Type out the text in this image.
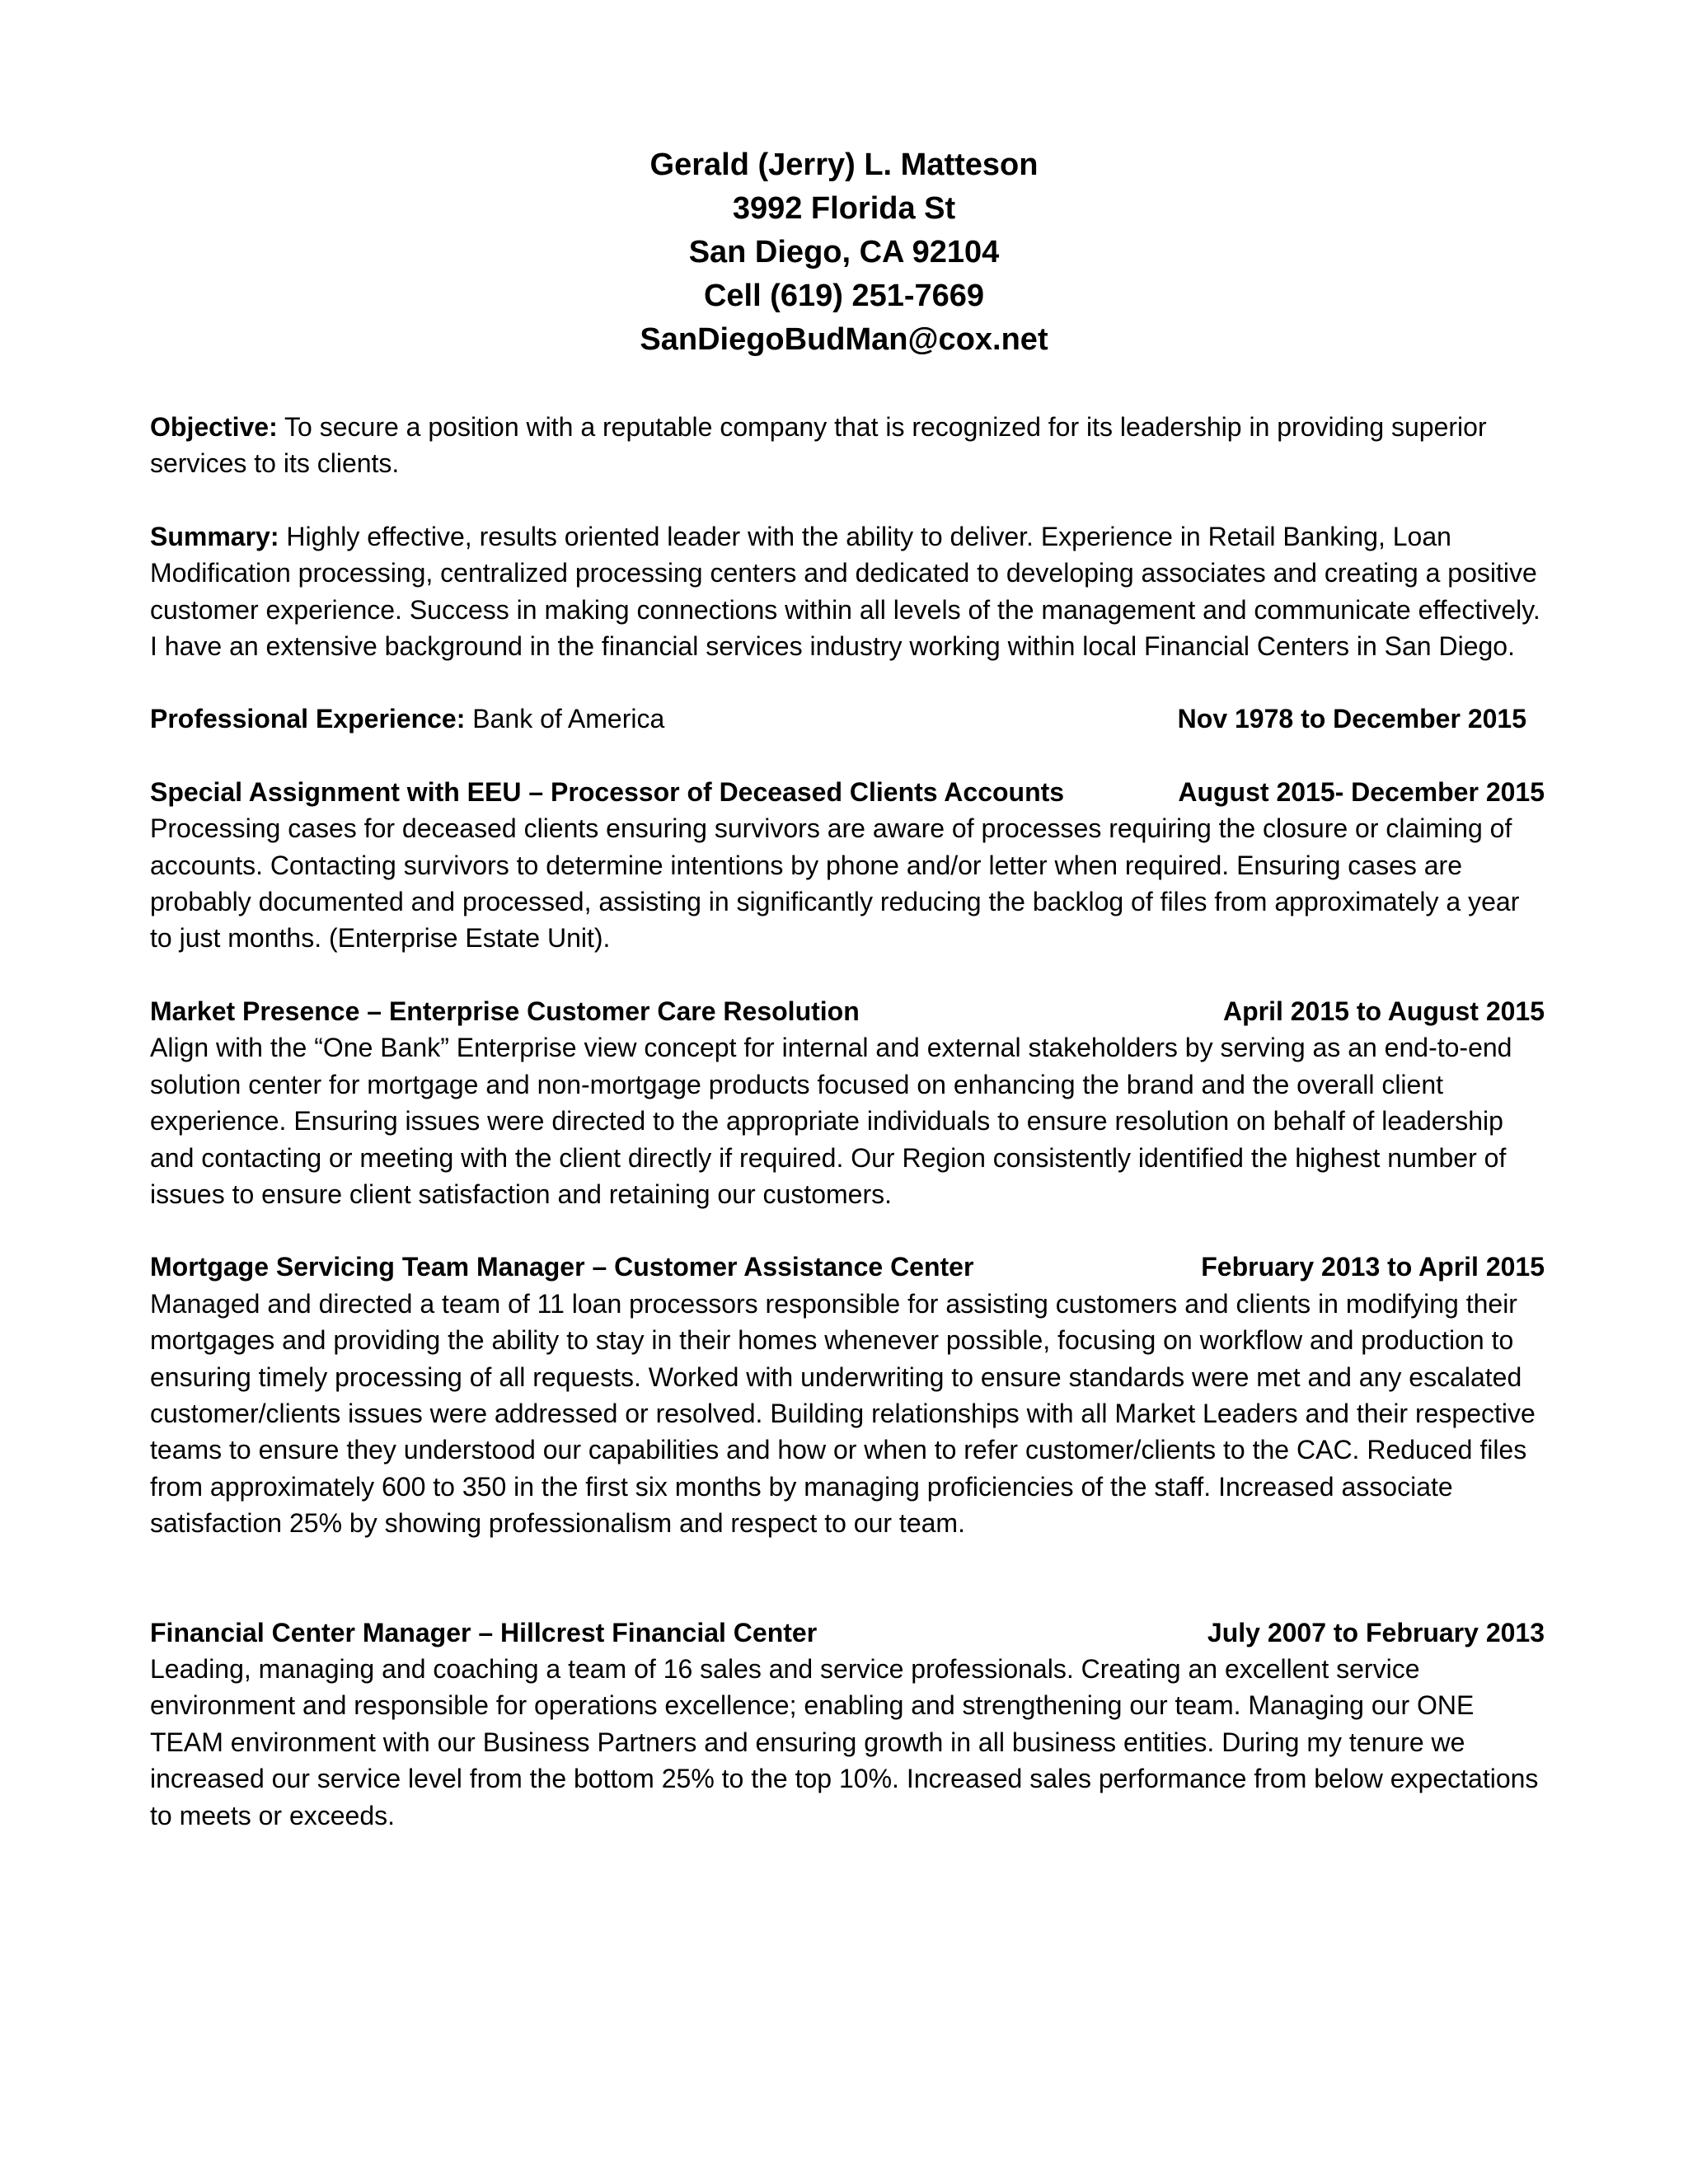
Gerald (Jerry) L. Matteson
3992 Florida St
San Diego, CA 92104
Cell (619) 251-7669
SanDiegoBudMan@cox.net

Objective: To secure a position with a reputable company that is recognized for its leadership in providing superior services to its clients.

Summary: Highly effective, results oriented leader with the ability to deliver. Experience in Retail Banking, Loan Modification processing, centralized processing centers and dedicated to developing associates and creating a positive customer experience. Success in making connections within all levels of the management and communicate effectively. I have an extensive background in the financial services industry working within local Financial Centers in San Diego.

Professional Experience: Bank of America	Nov 1978 to December 2015
Special Assignment with EEU – Processor of Deceased Clients Accounts	August 2015- December 2015
Processing cases for deceased clients ensuring survivors are aware of processes requiring the closure or claiming of accounts. Contacting survivors to determine intentions by phone and/or letter when required. Ensuring cases are probably documented and processed, assisting in significantly reducing the backlog of files from approximately a year to just months. (Enterprise Estate Unit).
Market Presence – Enterprise Customer Care Resolution	April 2015 to August 2015
Align with the “One Bank” Enterprise view concept for internal and external stakeholders by serving as an end-to-end solution center for mortgage and non-mortgage products focused on enhancing the brand and the overall client experience. Ensuring issues were directed to the appropriate individuals to ensure resolution on behalf of leadership and contacting or meeting with the client directly if required. Our Region consistently identified the highest number of issues to ensure client satisfaction and retaining our customers.
Mortgage Servicing Team Manager – Customer Assistance Center	February 2013 to April 2015
Managed and directed a team of 11 loan processors responsible for assisting customers and clients in modifying their mortgages and providing the ability to stay in their homes whenever possible, focusing on workflow and production to ensuring timely processing of all requests. Worked with underwriting to ensure standards were met and any escalated customer/clients issues were addressed or resolved. Building relationships with all Market Leaders and their respective teams to ensure they understood our capabilities and how or when to refer customer/clients to the CAC. Reduced files from approximately 600 to 350 in the first six months by managing proficiencies of the staff. Increased associate satisfaction 25% by showing professionalism and respect to our team.
Financial Center Manager – Hillcrest Financial Center	July 2007 to February 2013
Leading, managing and coaching a team of 16 sales and service professionals. Creating an excellent service environment and responsible for operations excellence; enabling and strengthening our team. Managing our ONE TEAM environment with our Business Partners and ensuring growth in all business entities. During my tenure we increased our service level from the bottom 25% to the top 10%. Increased sales performance from below expectations to meets or exceeds.
